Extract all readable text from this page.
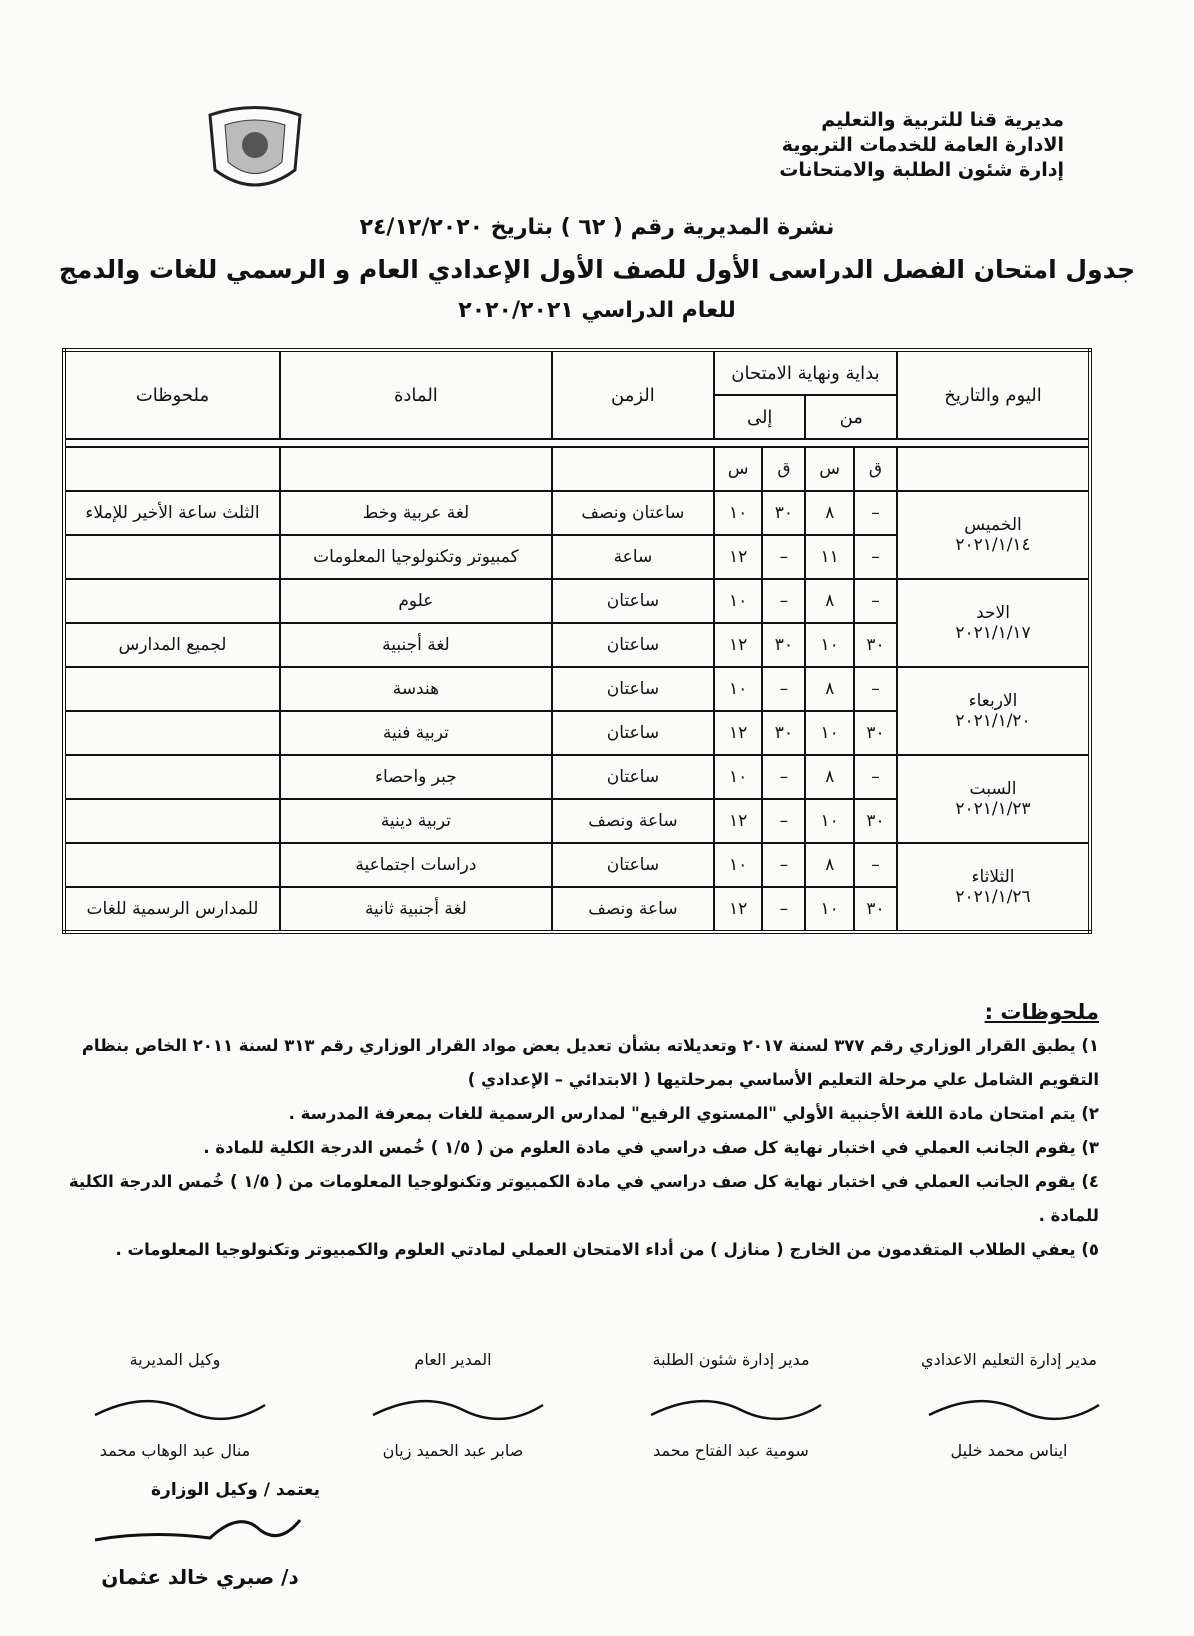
مديرية قنا للتربية والتعليم
الادارة العامة للخدمات التربوية
إدارة شئون الطلبة والامتحانات
نشرة المديرية رقم ( ٦٢ ) بتاريخ ٢٤/١٢/٢٠٢٠
جدول امتحان الفصل الدراسى الأول للصف الأول الإعدادي العام و الرسمي للغات والدمج
للعام الدراسي ٢٠٢٠/٢٠٢١
اليوم والتاريخ	بداية ونهاية الامتحان				الزمن	المادة	ملحوظات
	من		إلى				

	ق	س	ق	س			

الخميس
٢٠٢١/١/١٤	–	٨	٣٠	١٠	ساعتان ونصف	لغة عربية وخط	الثلث ساعة الأخير للإملاء
	–	١١	–	١٢	ساعة	كمبيوتر وتكنولوجيا المعلومات	

الاحد
٢٠٢١/١/١٧	–	٨	–	١٠	ساعتان	علوم	
	٣٠	١٠	٣٠	١٢	ساعتان	لغة أجنبية	لجميع المدارس

الاربعاء
٢٠٢١/١/٢٠	–	٨	–	١٠	ساعتان	هندسة	
	٣٠	١٠	٣٠	١٢	ساعتان	تربية فنية	

السبت
٢٠٢١/١/٢٣	–	٨	–	١٠	ساعتان	جبر واحصاء	
	٣٠	١٠	–	١٢	ساعة ونصف	تربية دينية	

الثلاثاء
٢٠٢١/١/٢٦	–	٨	–	١٠	ساعتان	دراسات اجتماعية	
	٣٠	١٠	–	١٢	ساعة ونصف	لغة أجنبية ثانية	للمدارس الرسمية للغات
ملحوظات :

١) يطبق القرار الوزاري رقم ٣٧٧ لسنة ٢٠١٧ وتعديلاته بشأن تعديل بعض مواد القرار الوزاري رقم ٣١٣ لسنة ٢٠١١ الخاص بنظام التقويم الشامل علي مرحلة التعليم الأساسي بمرحلتيها ( الابتدائي – الإعدادي )

٢) يتم امتحان مادة اللغة الأجنبية الأولي "المستوي الرفيع" لمدارس الرسمية للغات بمعرفة المدرسة .

٣) يقوم الجانب العملي في اختبار نهاية كل صف دراسي في مادة العلوم من ( ١/٥ ) خُمس الدرجة الكلية للمادة .

٤) يقوم الجانب العملي في اختبار نهاية كل صف دراسي في مادة الكمبيوتر وتكنولوجيا المعلومات من ( ١/٥ ) خُمس الدرجة الكلية للمادة .

٥) يعفي الطلاب المتقدمون من الخارج ( منازل ) من أداء الامتحان العملي لمادتي العلوم والكمبيوتر وتكنولوجيا المعلومات .

مدير إدارة التعليم الاعدادي
ايناس محمد خليل
مدير إدارة شئون الطلبة
سومية عبد الفتاح محمد
المدير العام
صابر عبد الحميد زيان
وكيل المديرية
منال عبد الوهاب محمد
يعتمد / وكيل الوزارة
د/ صبري خالد عثمان
